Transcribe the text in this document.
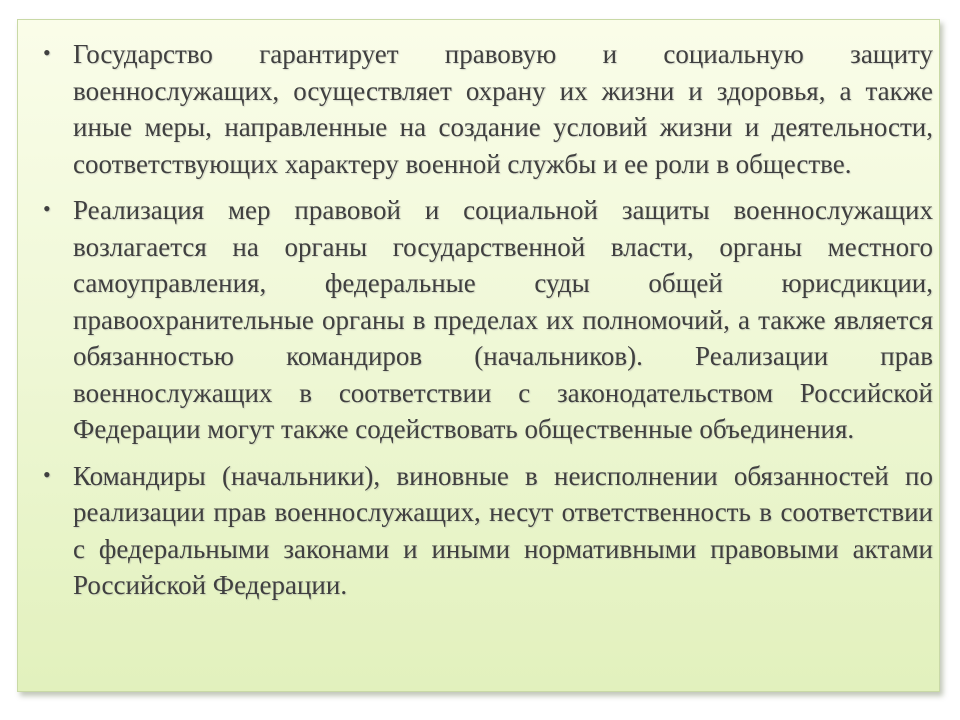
• Государство гарантирует правовую и социальную защиту военнослужащих, осуществляет охрану их жизни и здоровья, а также иные меры, направленные на создание условий жизни и деятельности, соответствующих характеру военной службы и ее роли в обществе.
• Реализация мер правовой и социальной защиты военнослужащих возлагается на органы государственной власти, органы местного самоуправления, федеральные суды общей юрисдикции, правоохранительные органы в пределах их полномочий, а также является обязанностью командиров (начальников). Реализации прав военнослужащих в соответствии с законодательством Российской Федерации могут также содействовать общественные объединения.
• Командиры (начальники), виновные в неисполнении обязанностей по реализации прав военнослужащих, несут ответственность в соответствии с федеральными законами и иными нормативными правовыми актами Российской Федерации.
